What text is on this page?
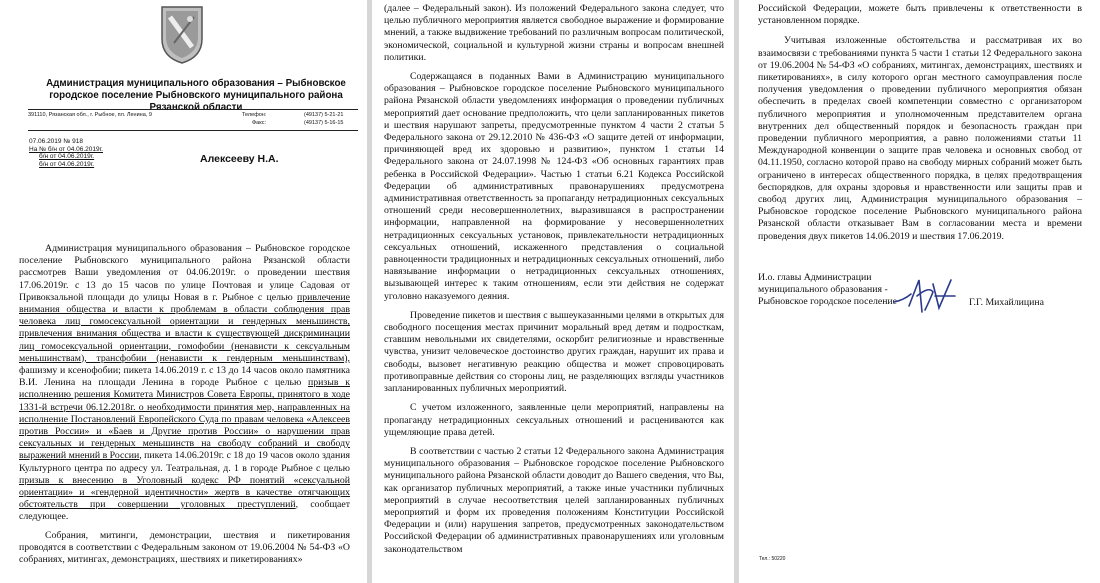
Администрация муниципального образования – Рыбновское городское поселение Рыбновского муниципального района Рязанской области
391110, Рязанская обл., г. Рыбное, пл. Ленина, 9	Телефон:	(49137) 5-21-21
Факс:	(49137) 5-16-15
07.06.2019 № 918
На № б/н от 04.06.2019г.
б/н от 04.06.2019г.
б/н от 04.06.2019г.	Алексееву Н.А.

Администрация муниципального образования – Рыбновское городское поселение Рыбновского муниципального района Рязанской области рассмотрев Ваши уведомления от 04.06.2019г. о проведении шествия 17.06.2019г. с 13 до 15 часов по улице Почтовая и улице Садовая от Привокзальной площади до улицы Новая в г. Рыбное с целью привлечение внимания общества и власти к проблемам в области соблюдения прав человека лиц гомосексуальной ориентации и гендерных меньшинств, привлечения внимания общества и власти к существующей дискриминации лиц гомосексуальной ориентации, гомофобии (ненависти к сексуальным меньшинствам), трансфобии (ненависти к гендерным меньшинствам), фашизму и ксенофобии; пикета 14.06.2019 г. с 13 до 14 часов около памятника В.И. Ленина на площади Ленина в городе Рыбное с целью призыв к исполнению решения Комитета Министров Совета Европы, принятого в ходе 1331-й встречи 06.12.2018г. о необходимости принятия мер, направленных на исполнение Постановлений Европейского Суда по правам человека «Алексеев против России» и «Баев и Другие против России» о нарушении прав сексуальных и гендерных меньшинств на свободу собраний и свободу выражений мнений в России, пикета 14.06.2019г. с 18 до 19 часов около здания Культурного центра по адресу ул. Театральная, д. 1 в городе Рыбное с целью призыв к внесению в Уголовный кодекс РФ понятий «сексуальной ориентации» и «гендерной идентичности» жертв в качестве отягчающих обстоятельств при совершении уголовных преступлений, сообщает следующее.

Собрания, митинги, демонстрации, шествия и пикетирования проводятся в соответствии с Федеральным законом от 19.06.2004 № 54-ФЗ «О собраниях, митингах, демонстрациях, шествиях и пикетированиях»

(далее – Федеральный закон). Из положений Федерального закона следует, что целью публичного мероприятия является свободное выражение и формирование мнений, а также выдвижение требований по различным вопросам политической, экономической, социальной и культурной жизни страны и вопросам внешней политики.

Содержащаяся в поданных Вами в Администрацию муниципального образования – Рыбновское городское поселение Рыбновского муниципального района Рязанской области уведомлениях информация о проведении публичных мероприятий дает основание предположить, что цели запланированных пикетов и шествия нарушают запреты, предусмотренные пунктом 4 части 2 статьи 5 Федерального закона от 29.12.2010 № 436-ФЗ «О защите детей от информации, причиняющей вред их здоровью и развитию», пунктом 1 статьи 14 Федерального закона от 24.07.1998 № 124-ФЗ «Об основных гарантиях прав ребенка в Российской Федерации». Частью 1 статьи 6.21 Кодекса Российской Федерации об административных правонарушениях предусмотрена административная ответственность за пропаганду нетрадиционных сексуальных отношений среди несовершеннолетних, выразившаяся в распространении информации, направленной на формирование у несовершеннолетних нетрадиционных сексуальных установок, привлекательности нетрадиционных сексуальных отношений, искаженного представления о социальной равноценности традиционных и нетрадиционных сексуальных отношений, либо навязывание информации о нетрадиционных сексуальных отношениях, вызывающей интерес к таким отношениям, если эти действия не содержат уголовно наказуемого деяния.

Проведение пикетов и шествия с вышеуказанными целями в открытых для свободного посещения местах причинит моральный вред детям и подросткам, ставшим невольными их свидетелями, оскорбит религиозные и нравственные чувства, унизит человеческое достоинство других граждан, нарушит их права и свободы, вызовет негативную реакцию общества и может спровоцировать противоправные действия со стороны лиц, не разделяющих взгляды участников запланированных публичных мероприятий.

С учетом изложенного, заявленные цели мероприятий, направлены на пропаганду нетрадиционных сексуальных отношений и расцениваются как ущемляющие права детей.

В соответствии с частью 2 статьи 12 Федерального закона Администрация муниципального образования – Рыбновское городское поселение Рыбновского муниципального района Рязанской области доводит до Вашего сведения, что Вы, как организатор публичных мероприятий, а также иные участники публичных мероприятий в случае несоответствия целей запланированных публичных мероприятий и форм их проведения положениям Конституции Российской Федерации и (или) нарушения запретов, предусмотренных законодательством Российской Федерации об административных правонарушениях или уголовным законодательством

Российской Федерации, можете быть привлечены к ответственности в установленном порядке.

Учитывая изложенные обстоятельства и рассматривая их во взаимосвязи с требованиями пункта 5 части 1 статьи 12 Федерального закона от 19.06.2004 № 54-ФЗ «О собраниях, митингах, демонстрациях, шествиях и пикетированиях», в силу которого орган местного самоуправления после получения уведомления о проведении публичного мероприятия обязан обеспечить в пределах своей компетенции совместно с организатором публичного мероприятия и уполномоченным представителем органа внутренних дел общественный порядок и безопасность граждан при проведении публичного мероприятия, а равно положениями статьи 11 Международной конвенции о защите прав человека и основных свобод от 04.11.1950, согласно которой право на свободу мирных собраний может быть ограничено в интересах общественного порядка, в целях предотвращения беспорядков, для охраны здоровья и нравственности или защиты прав и свобод других лиц, Администрация муниципального образования – Рыбновское городское поселение Рыбновского муниципального района Рязанской области отказывает Вам в согласовании места и времени проведения двух пикетов 14.06.2019 и шествия 17.06.2019.

И.о. главы Администрации
муниципального образования -
Рыбновское городское поселение	Г.Г. Михайлицина
Тел.: 50220
